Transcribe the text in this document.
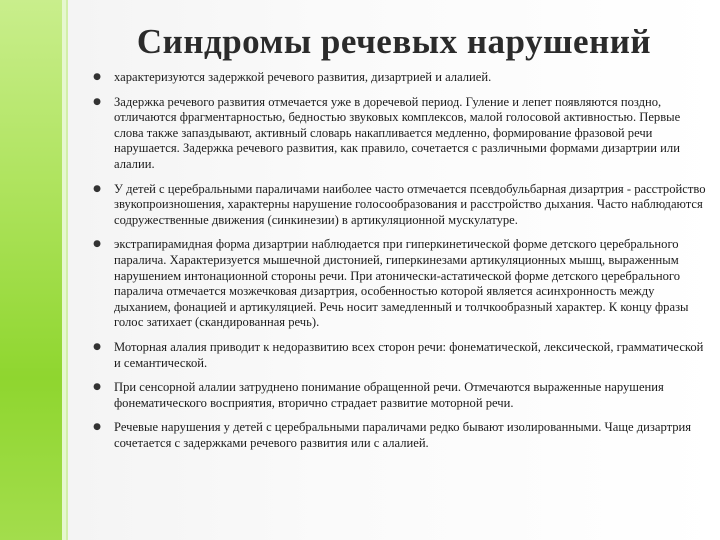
Синдромы речевых нарушений
● характеризуются задержкой речевого развития, дизартрией и алалией.
● Задержка речевого развития отмечается уже в доречевой период. Гуление и лепет появляются поздно, отличаются фрагментарностью, бедностью звуковых комплексов, малой голосовой активностью. Первые слова также запаздывают, активный словарь накапливается медленно, формирование фразовой речи нарушается. Задержка речевого развития, как правило, сочетается с различными формами дизартрии или алалии.
● У детей с церебральными параличами наиболее часто отмечается псевдобульбарная дизартрия - расстройство звукопроизношения, характерны нарушение голосообразования и расстройство дыхания. Часто наблюдаются содружественные движения (синкинезии) в артикуляционной мускулатуре.
● экстрапирамидная форма дизартрии наблюдается при гиперкинетической форме детского церебрального паралича. Характеризуется мышечной дистонией, гиперкинезами артикуляционных мышц, выраженным нарушением интонационной стороны речи. При атонически-астатической форме детского церебрального паралича отмечается мозжечковая дизартрия, особенностью которой является асинхронность между дыханием, фонацией и артикуляцией. Речь носит замедленный и толчкообразный характер. К концу фразы голос затихает (скандированная речь).
● Моторная алалия приводит к недоразвитию всех сторон речи: фонематической, лексической, грамматической и семантической.
● При сенсорной алалии затруднено понимание обращенной речи. Отмечаются выраженные нарушения фонематического восприятия, вторично страдает развитие моторной речи.
● Речевые нарушения у детей с церебральными параличами редко бывают изолированными. Чаще дизартрия сочетается с задержками речевого развития или с алалией.
